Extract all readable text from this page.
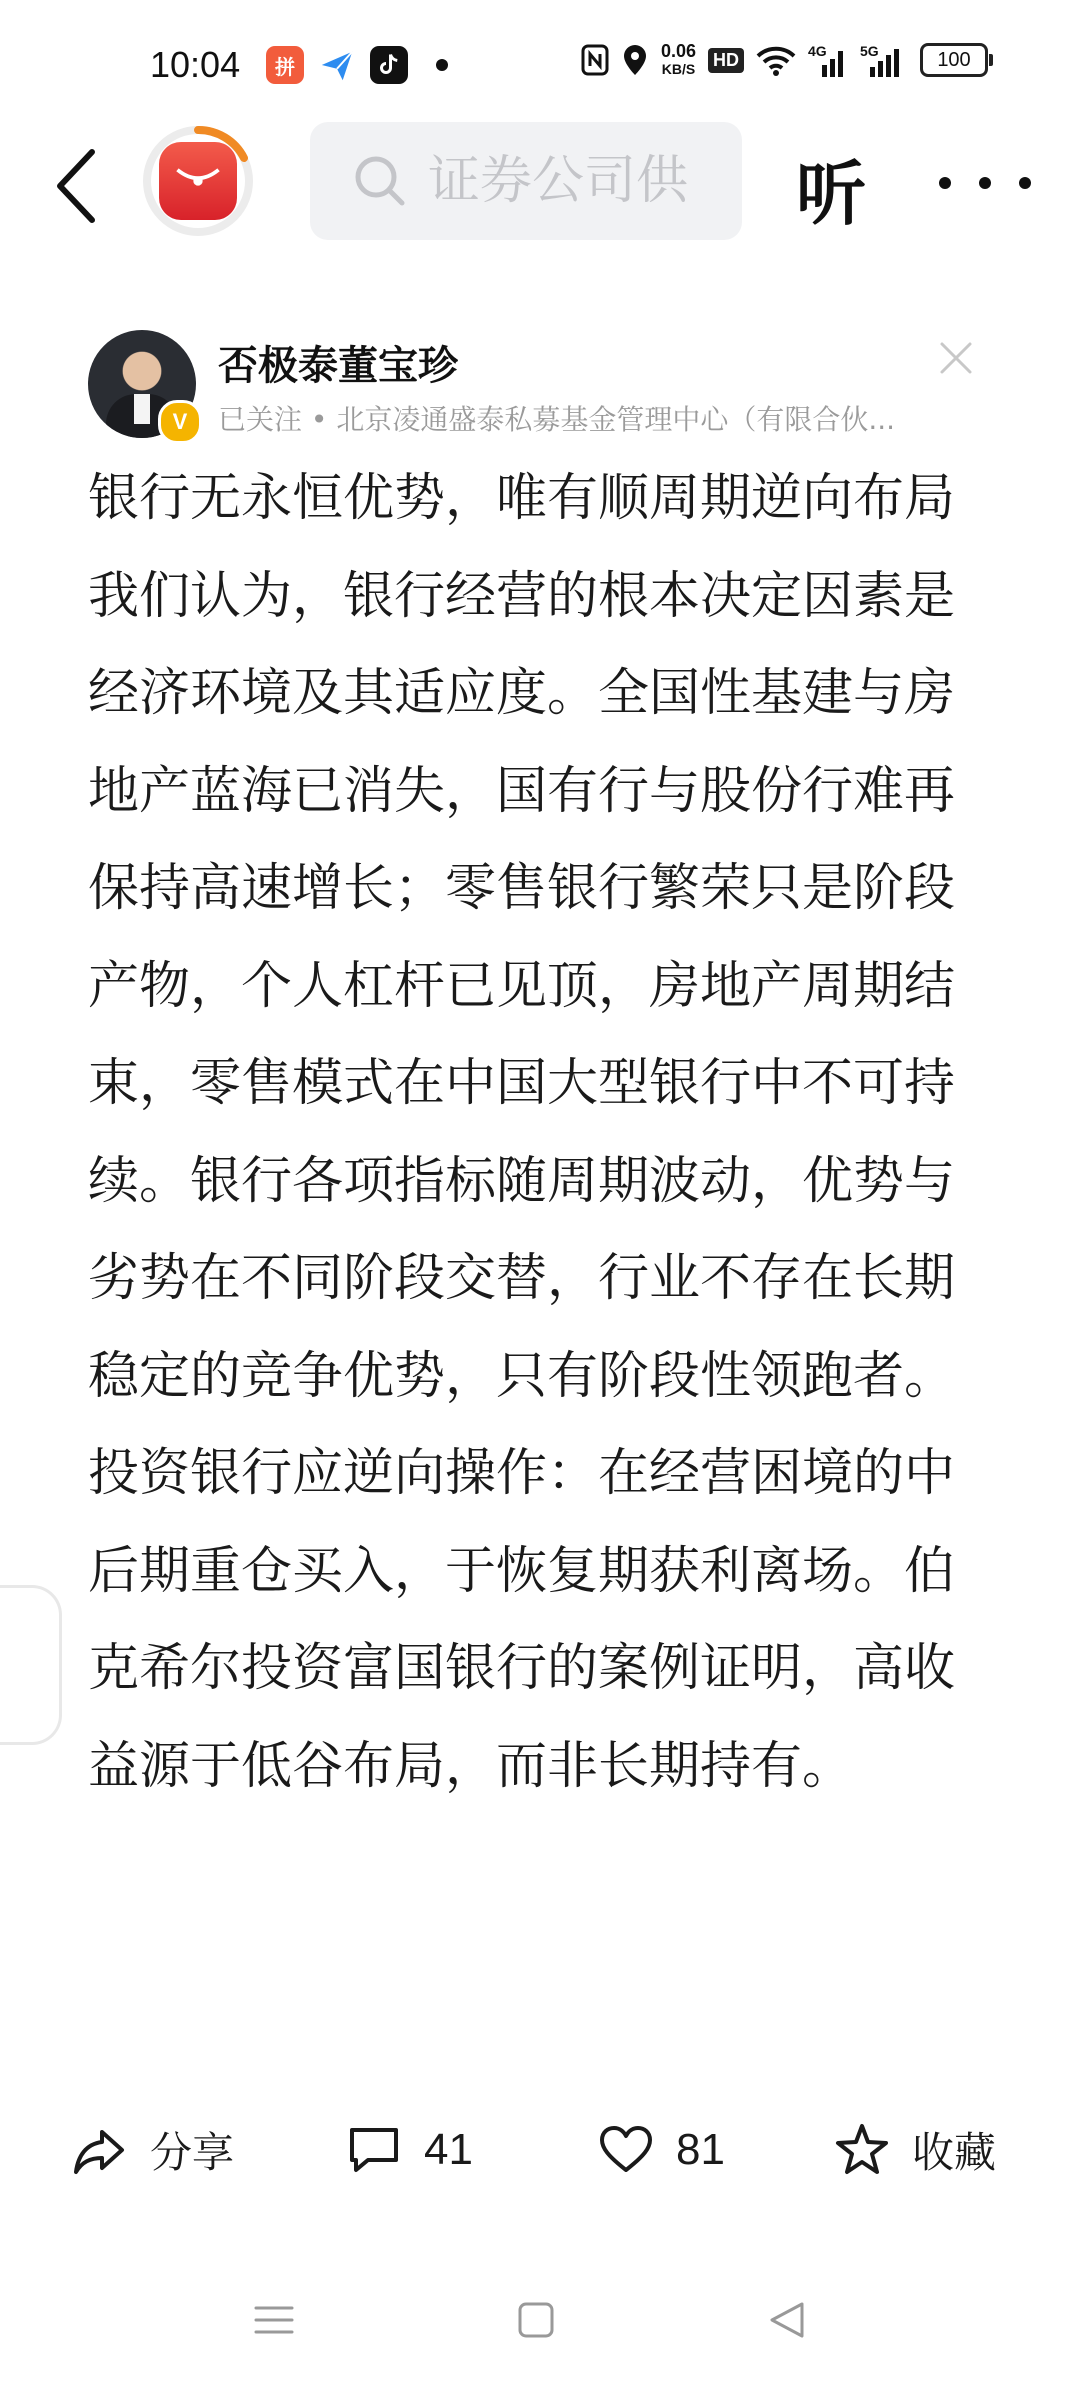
10:04	拼
0.06
KB/S HD	4G 5G	100
证券公司供
听
V
否极泰董宝珍
已关注 • 北京凌通盛泰私募基金管理中心（有限合伙...

银行无永恒优势，唯有顺周期逆向布局

我们认为，银行经营的根本决定因素是经济环境及其适应度。全国性基建与房地产蓝海已消失，国有行与股份行难再保持高速增长；零售银行繁荣只是阶段产物，个人杠杆已见顶，房地产周期结束，零售模式在中国大型银行中不可持续。银行各项指标随周期波动，优势与劣势在不同阶段交替，行业不存在长期稳定的竞争优势，只有阶段性领跑者。投资银行应逆向操作：在经营困境的中后期重仓买入，于恢复期获利离场。伯克希尔投资富国银行的案例证明，高收益源于低谷布局，而非长期持有。

分享	41	81	收藏
